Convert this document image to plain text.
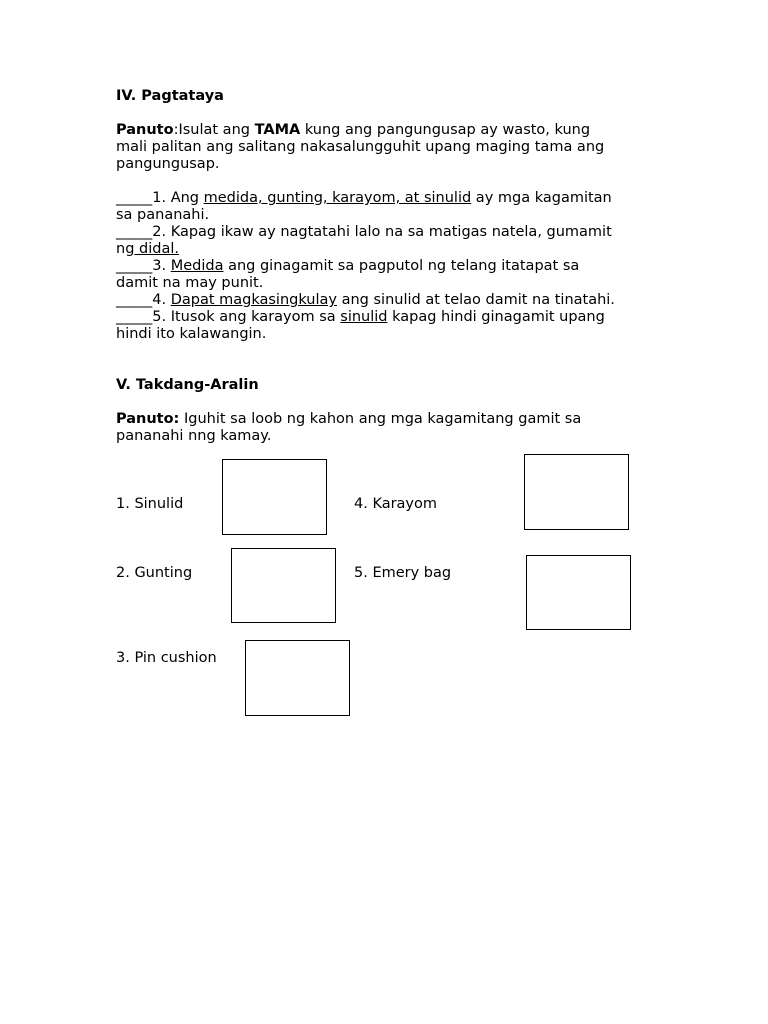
IV. Pagtataya
Panuto:Isulat ang TAMA kung ang pangungusap ay wasto, kung
mali palitan ang salitang nakasalungguhit upang maging tama ang
pangungusap.
_____1. Ang medida, gunting, karayom, at sinulid ay mga kagamitan
sa pananahi.
_____2. Kapag ikaw ay nagtatahi lalo na sa matigas natela, gumamit
ng didal.
_____3. Medida ang ginagamit sa pagputol ng telang itatapat sa
damit na may punit.
_____4. Dapat magkasingkulay ang sinulid at telao damit na tinatahi.
_____5. Itusok ang karayom sa sinulid kapag hindi ginagamit upang
hindi ito kalawangin.
V. Takdang-Aralin
Panuto: Iguhit sa loob ng kahon ang mga kagamitang gamit sa
pananahi nng kamay.
1. Sinulid
2. Gunting
3. Pin cushion
4. Karayom
5. Emery bag
